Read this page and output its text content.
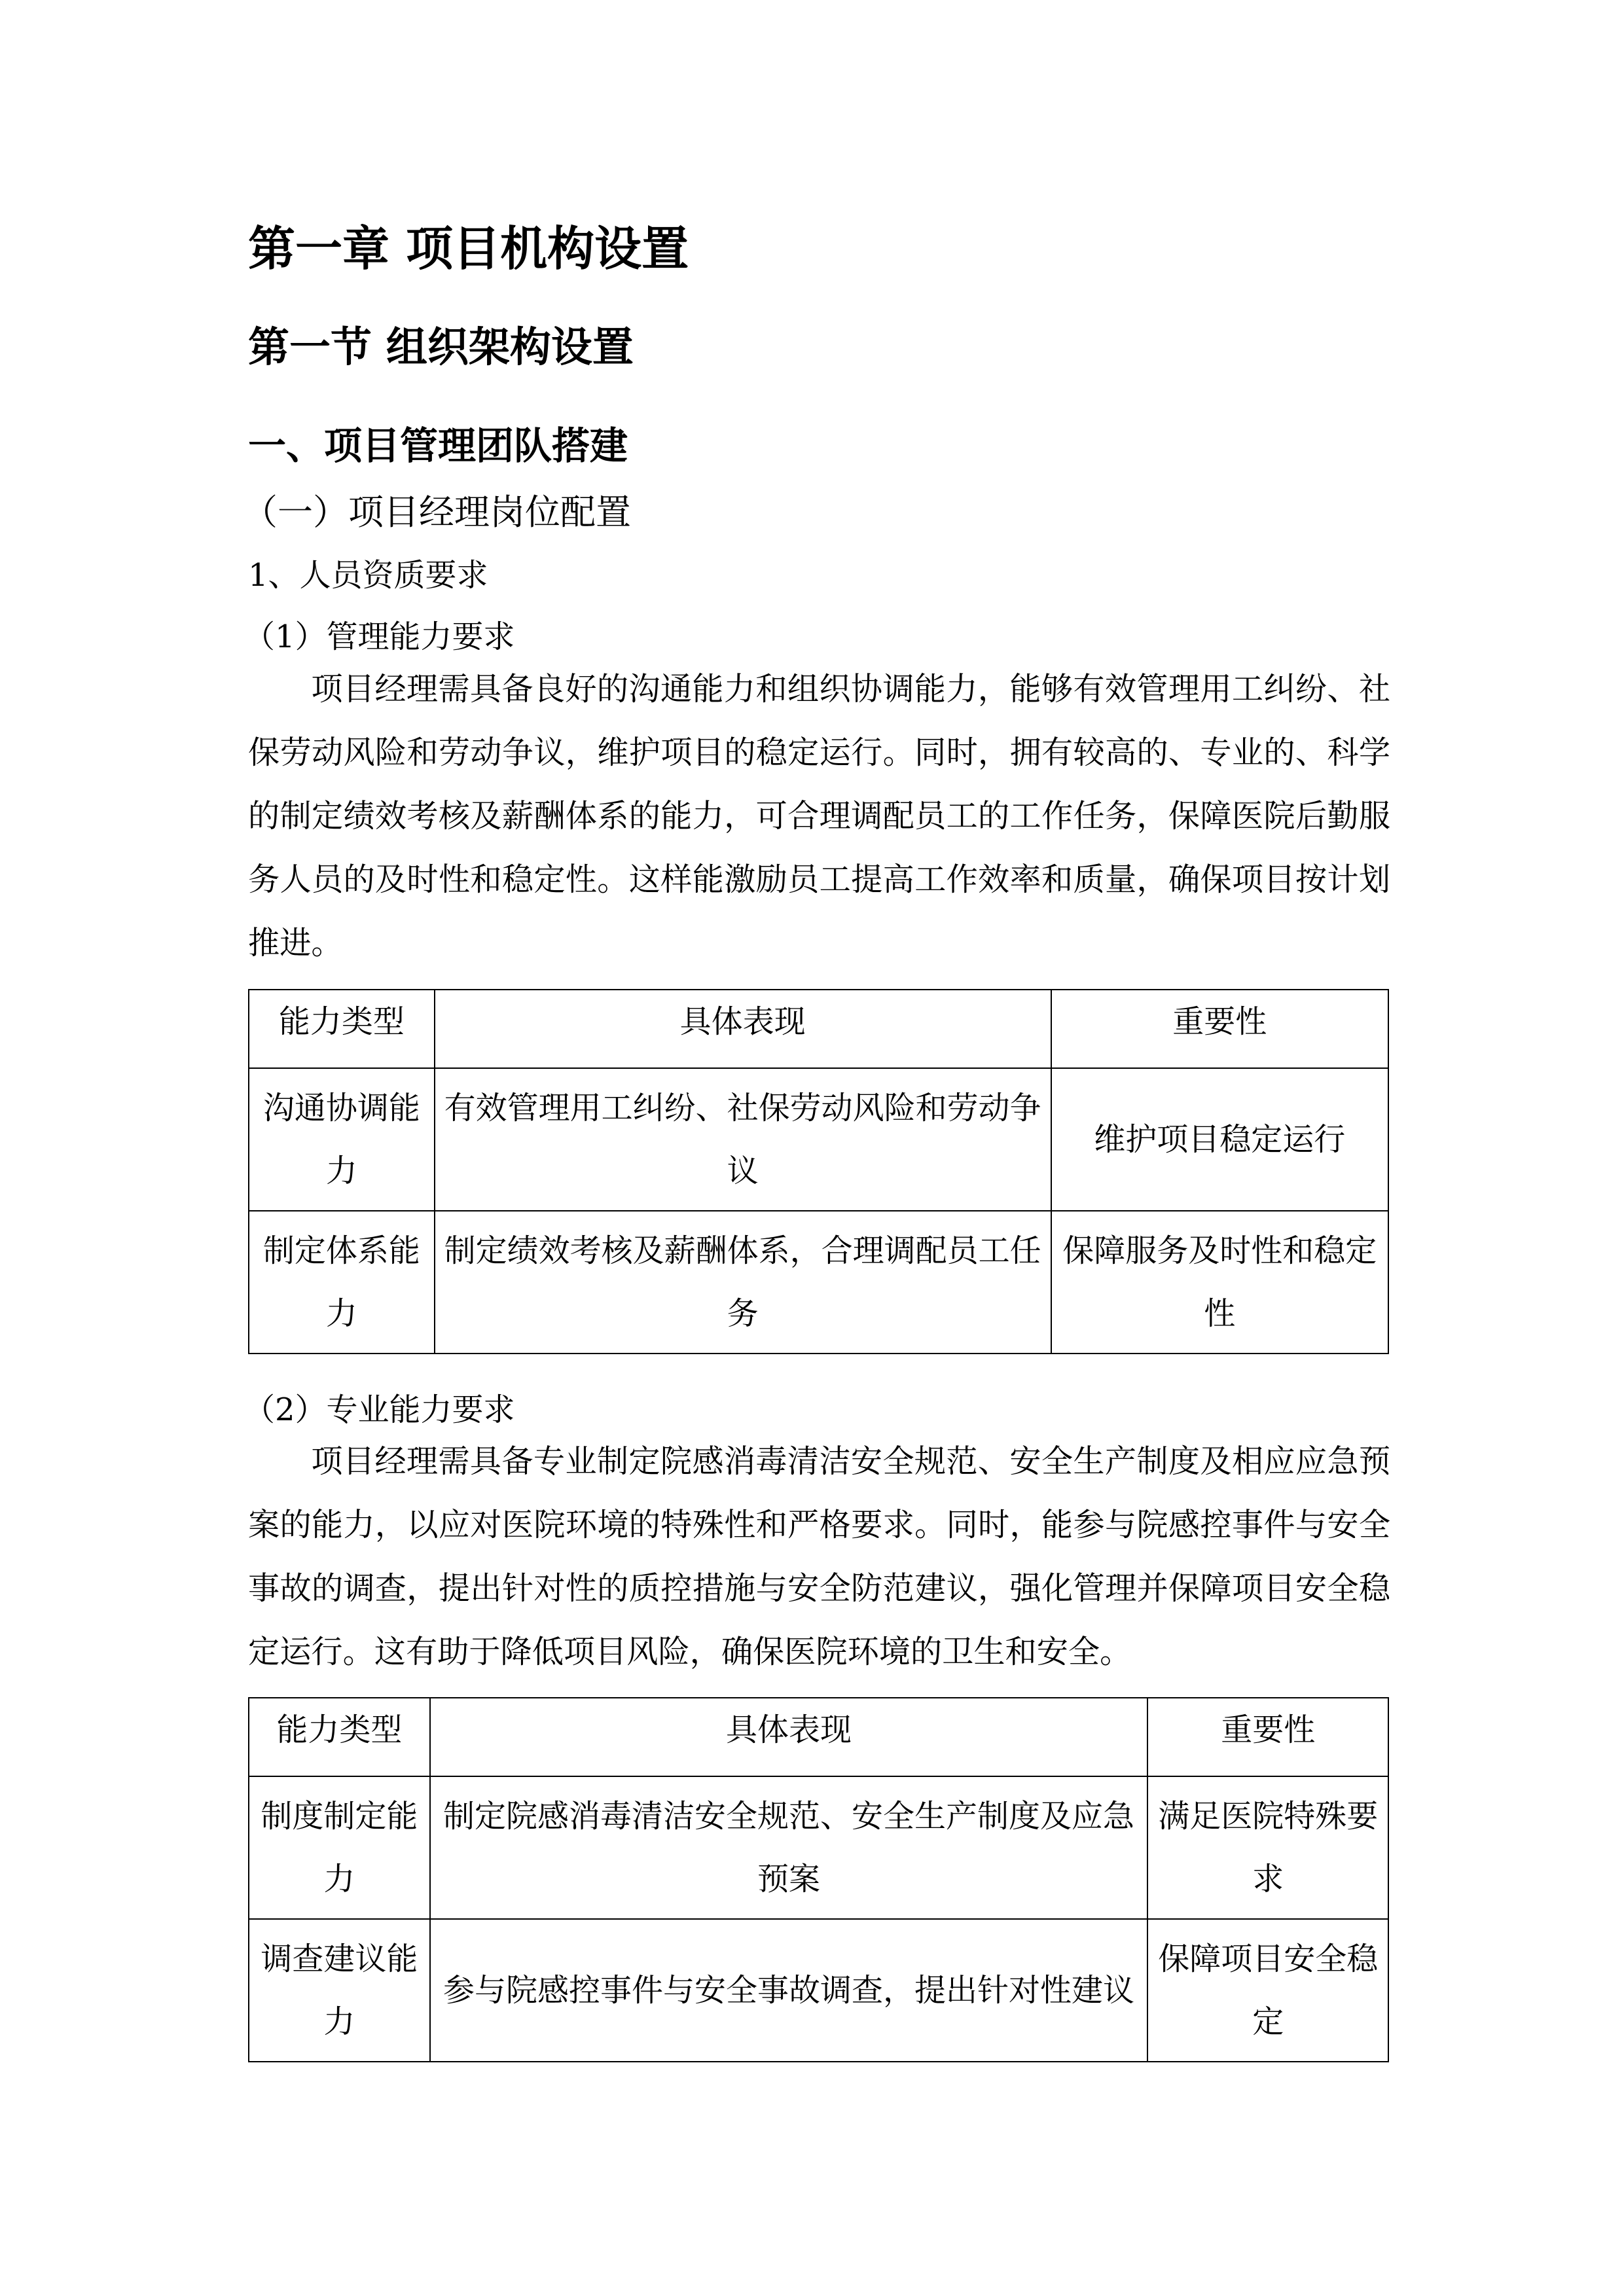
第一章 项目机构设置
第一节 组织架构设置
一、项目管理团队搭建
（一）项目经理岗位配置
1、人员资质要求
（1）管理能力要求
项目经理需具备良好的沟通能力和组织协调能力，能够有效管理用工纠纷、社保劳动风险和劳动争议，维护项目的稳定运行。同时，拥有较高的、专业的、科学的制定绩效考核及薪酬体系的能力，可合理调配员工的工作任务，保障医院后勤服务人员的及时性和稳定性。这样能激励员工提高工作效率和质量，确保项目按计划推进。
能力类型	具体表现	重要性
沟通协调能力	有效管理用工纠纷、社保劳动风险和劳动争议	维护项目稳定运行
制定体系能力	制定绩效考核及薪酬体系，合理调配员工任务	保障服务及时性和稳定性
（2）专业能力要求
项目经理需具备专业制定院感消毒清洁安全规范、安全生产制度及相应应急预案的能力，以应对医院环境的特殊性和严格要求。同时，能参与院感控事件与安全事故的调查，提出针对性的质控措施与安全防范建议，强化管理并保障项目安全稳定运行。这有助于降低项目风险，确保医院环境的卫生和安全。
能力类型	具体表现	重要性
制度制定能力	制定院感消毒清洁安全规范、安全生产制度及应急预案	满足医院特殊要求
调查建议能力	参与院感控事件与安全事故调查，提出针对性建议	保障项目安全稳定
